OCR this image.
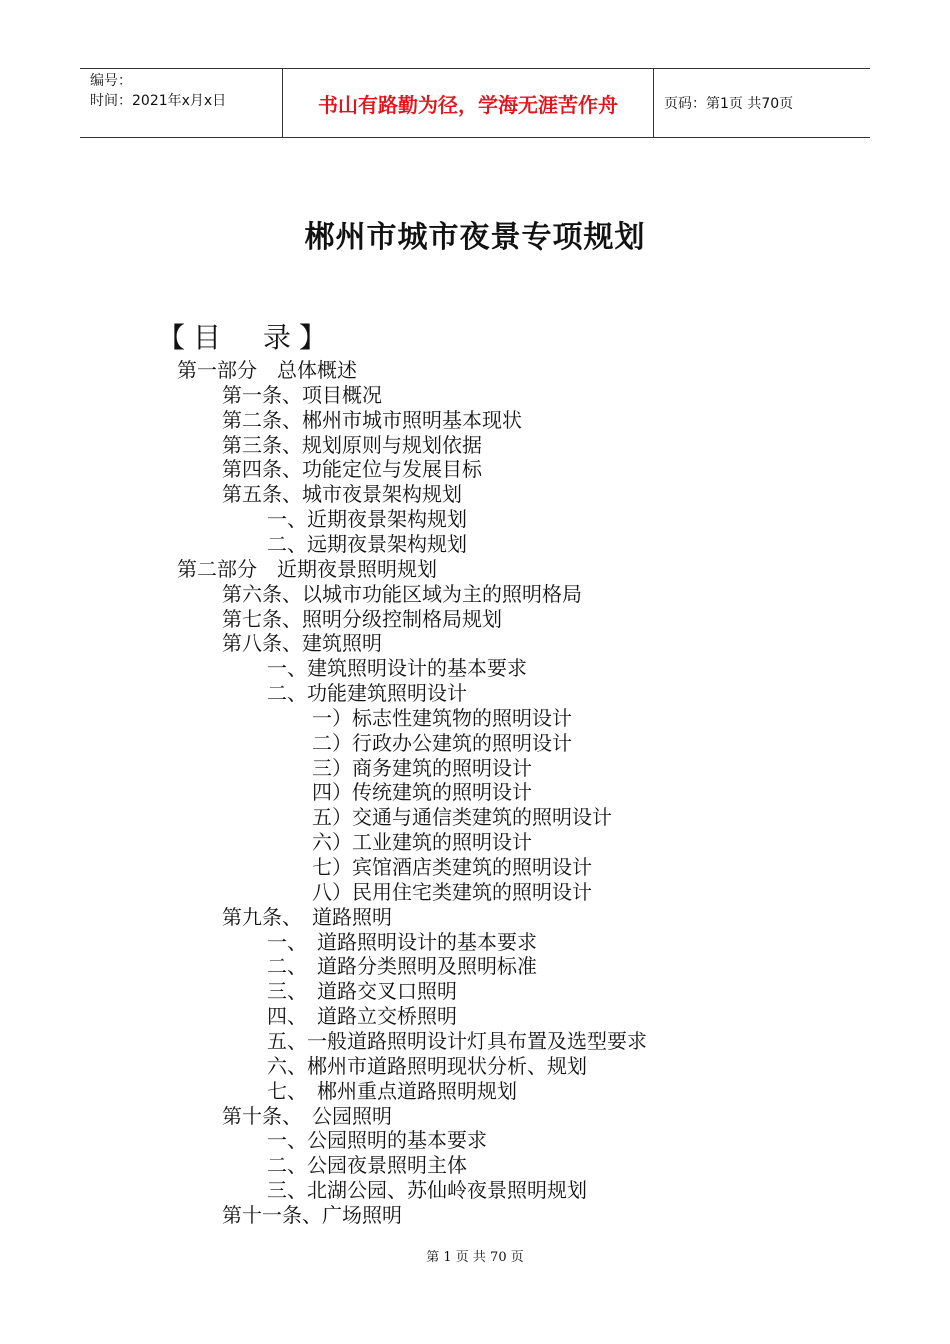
编号：
时间：2021年x月x日	书山有路勤为径，学海无涯苦作舟	页码：第1页 共70页
郴州市城市夜景专项规划
【 目 录 】
第一部分　总体概述
第一条、项目概况
第二条、郴州市城市照明基本现状
第三条、规划原则与规划依据
第四条、功能定位与发展目标
第五条、城市夜景架构规划
一、近期夜景架构规划
二、远期夜景架构规划
第二部分　近期夜景照明规划
第六条、以城市功能区域为主的照明格局
第七条、照明分级控制格局规划
第八条、建筑照明
一、建筑照明设计的基本要求
二、功能建筑照明设计
一）标志性建筑物的照明设计
二）行政办公建筑的照明设计
三）商务建筑的照明设计
四）传统建筑的照明设计
五）交通与通信类建筑的照明设计
六）工业建筑的照明设计
七）宾馆酒店类建筑的照明设计
八）民用住宅类建筑的照明设计
第九条、　道路照明
一、　道路照明设计的基本要求
二、　道路分类照明及照明标准
三、　道路交叉口照明
四、　道路立交桥照明
五、一般道路照明设计灯具布置及选型要求
六、郴州市道路照明现状分析、规划
七、　郴州重点道路照明规划
第十条、　公园照明
一、公园照明的基本要求
二、公园夜景照明主体
三、北湖公园、苏仙岭夜景照明规划
第十一条、广场照明
第 1 页 共 70 页
